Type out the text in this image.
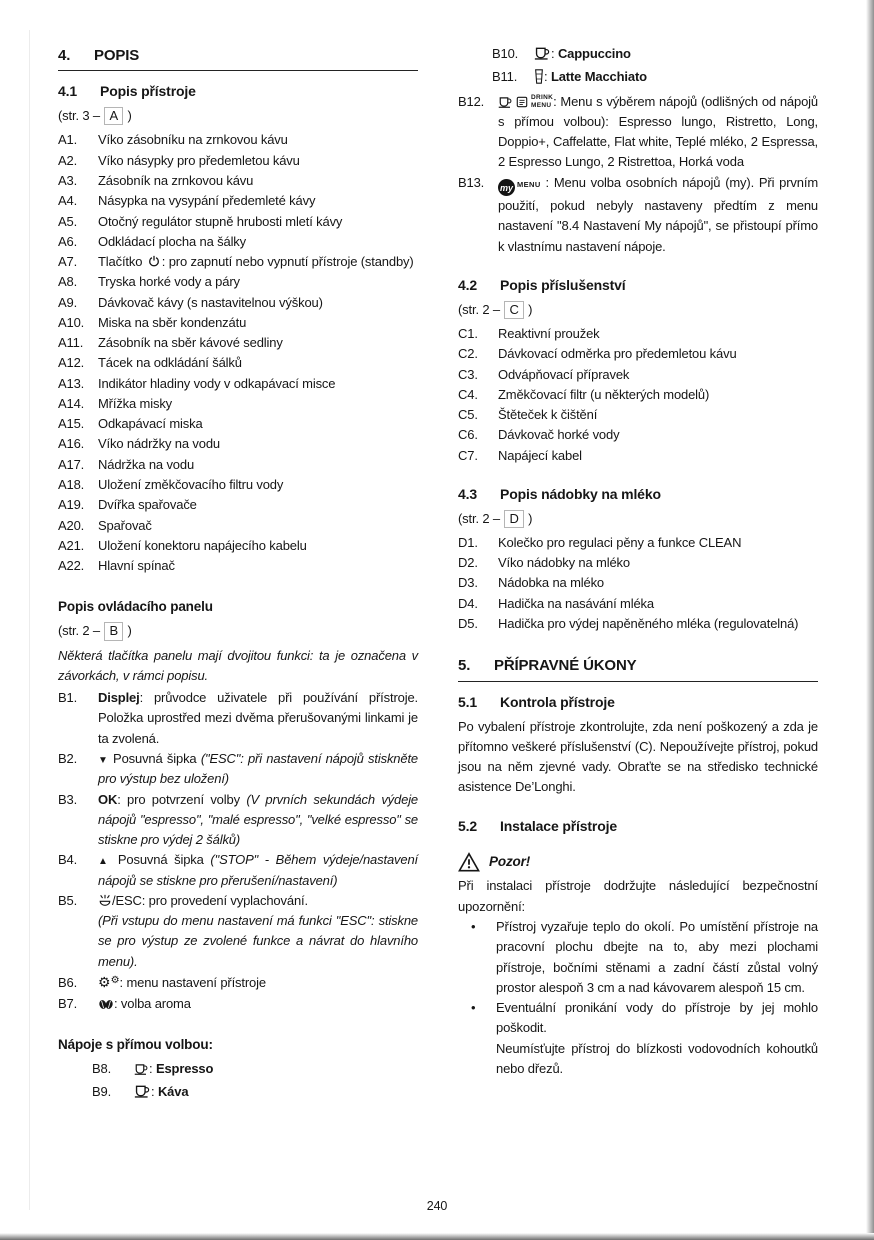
4.	POPIS
4.1	Popis přístroje
(str. 3 – A )
A1.	Víko zásobníku na zrnkovou kávu
A2.	Víko násypky pro předemletou kávu
A3.	Zásobník na zrnkovou kávu
A4.	Násypka na vysypání předemleté kávy
A5.	Otočný regulátor stupně hrubosti mletí kávy
A6.	Odkládací plocha na šálky
A7.	Tlačítko : pro zapnutí nebo vypnutí přístroje (standby)
A8.	Tryska horké vody a páry
A9.	Dávkovač kávy (s nastavitelnou výškou)
A10.	Miska na sběr kondenzátu
A11.	Zásobník na sběr kávové sedliny
A12.	Tácek na odkládání šálků
A13.	Indikátor hladiny vody v odkapávací misce
A14.	Mřížka misky
A15.	Odkapávací miska
A16.	Víko nádržky na vodu
A17.	Nádržka na vodu
A18.	Uložení změkčovacího filtru vody
A19.	Dvířka spařovače
A20.	Spařovač
A21.	Uložení konektoru napájecího kabelu
A22.	Hlavní spínač
Popis ovládacího panelu
(str. 2 – B )
Některá tlačítka panelu mají dvojitou funkci: ta je označena v závorkách, v rámci popisu.
B1.	Displej: průvodce uživatele při používání přístroje. Položka uprostřed mezi dvěma přerušovanými linkami je ta zvolená.
B2.	▼ Posuvná šipka ("ESC": při nastavení nápojů stiskněte pro výstup bez uložení)
B3.	OK: pro potvrzení volby (V prvních sekundách výdeje nápojů "espresso", "malé espresso", "velké espresso" se stiskne pro výdej 2 šálků)
B4.	▲ Posuvná šipka ("STOP" - Během výdeje/nastavení nápojů se stiskne pro přerušení/nastavení)
B5.	/ESC: pro provedení vyplachování.
(Při vstupu do menu nastavení má funkci "ESC": stiskne se pro výstup ze zvolené funkce a návrat do hlavního menu).
B6.	⚙⚙: menu nastavení přístroje
B7.	: volba aroma
Nápoje s přímou volbou:
B8.	: Espresso
B9.	: Káva
B10.	: Cappuccino
B11.	: Latte Macchiato
B12.	DRINK
MENU : Menu s výběrem nápojů (odlišných od nápojů s přímou volbou): Espresso lungo, Ristretto, Long, Doppio+, Caffelatte, Flat white, Teplé mléko, 2 Espressa, 2 Espresso Lungo, 2 Ristrettoa, Horká voda
B13.	my MENU : Menu volba osobních nápojů (my). Při prvním použití, pokud nebyly nastaveny předtím z menu nastavení "8.4 Nastavení My nápojů", se přistoupí přímo k vlastnímu nastavení nápoje.
4.2	Popis příslušenství
(str. 2 – C )
C1.	Reaktivní proužek
C2.	Dávkovací odměrka pro předemletou kávu
C3.	Odvápňovací přípravek
C4.	Změkčovací filtr (u některých modelů)
C5.	Štěteček k čištění
C6.	Dávkovač horké vody
C7.	Napájecí kabel
4.3	Popis nádobky na mléko
(str. 2 – D )
D1.	Kolečko pro regulaci pěny a funkce CLEAN
D2.	Víko nádobky na mléko
D3.	Nádobka na mléko
D4.	Hadička na nasávání mléka
D5.	Hadička pro výdej napěněného mléka (regulovatelná)
5.	PŘÍPRAVNÉ ÚKONY
5.1	Kontrola přístroje

Po vybalení přístroje zkontrolujte, zda není poškozený a zda je přítomno veškeré příslušenství (C). Nepoužívejte přístroj, pokud jsou na něm zjevné vady. Obraťte se na středisko technické asistence De’Longhi.

5.2	Instalace přístroje
Pozor!

Při instalaci přístroje dodržujte následující bezpečnostní upozornění:

•	Přístroj vyzařuje teplo do okolí. Po umístění přístroje na pracovní plochu dbejte na to, aby mezi plochami přístroje, bočními stěnami a zadní částí zůstal volný prostor alespoň 3 cm a nad kávovarem alespoň 15 cm.
•	Eventuální pronikání vody do přístroje by jej mohlo poškodit.
Neumísťujte přístroj do blízkosti vodovodních kohoutků nebo dřezů.
240
